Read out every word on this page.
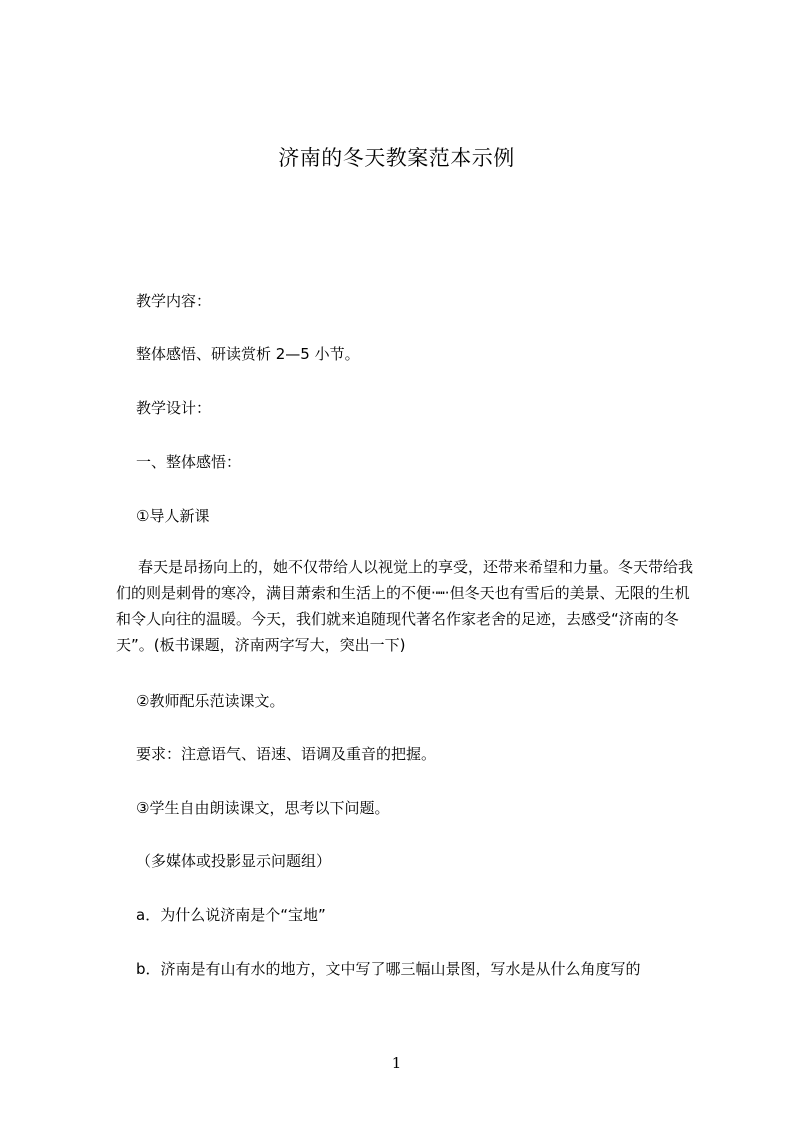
济南的冬天教案范本示例
教学内容：
整体感悟、研读赏析 2—5 小节。
教学设计：
一、整体感悟：
①导人新课
春天是昂扬向上的，她不仅带给人以视觉上的享受，还带来希望和力量。冬天带给我们的则是刺骨的寒冷，满目萧索和生活上的不便·┉·但冬天也有雪后的美景、无限的生机和令人向往的温暖。今天，我们就来追随现代著名作家老舍的足迹，去感受“济南的冬天”。(板书课题，济南两字写大，突出一下)
②教师配乐范读课文。
要求：注意语气、语速、语调及重音的把握。
③学生自由朗读课文，思考以下问题。
（多媒体或投影显示问题组）
a．为什么说济南是个“宝地”
b．济南是有山有水的地方，文中写了哪三幅山景图，写水是从什么角度写的
1
